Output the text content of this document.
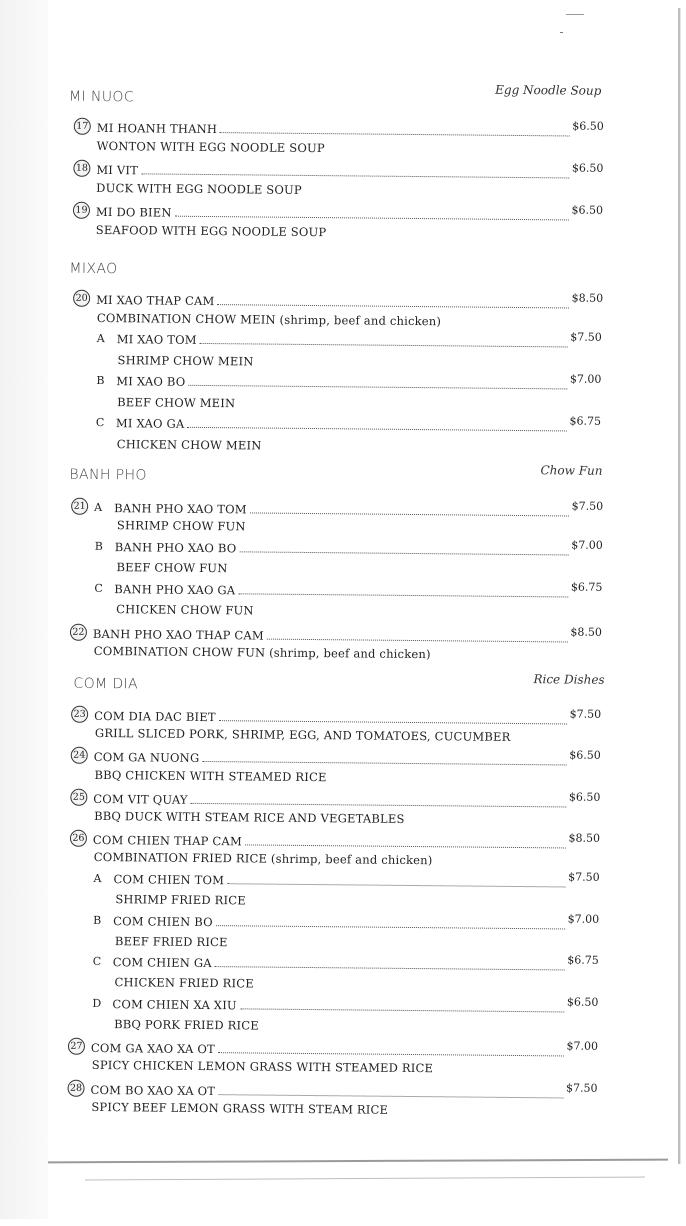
MI NUOC	Egg Noodle Soup
17 MI HOANH THANH	$6.50
WONTON WITH EGG NOODLE SOUP
18 MI VIT	$6.50
DUCK WITH EGG NOODLE SOUP
19 MI DO BIEN	$6.50
SEAFOOD WITH EGG NOODLE SOUP
MIXAO
20 MI XAO THAP CAM	$8.50
COMBINATION CHOW MEIN (shrimp, beef and chicken)
A	MI XAO TOM	$7.50
SHRIMP CHOW MEIN
B	MI XAO BO	$7.00
BEEF CHOW MEIN
C MI XAO GA	$6.75
CHICKEN CHOW MEIN
BANH PHO	Chow Fun
21 A	BANH PHO XAO TOM	$7.50
SHRIMP CHOW FUN
B	BANH PHO XAO BO	$7.00
BEEF CHOW FUN
C BANH PHO XAO GA	$6.75
CHICKEN CHOW FUN
22 BANH PHO XAO THAP CAM	$8.50
COMBINATION CHOW FUN (shrimp, beef and chicken)
COM DIA	Rice Dishes
23 COM DIA DAC BIET	$7.50
GRILL SLICED PORK, SHRIMP, EGG, AND TOMATOES, CUCUMBER
24 COM GA NUONG	$6.50
BBQ CHICKEN WITH STEAMED RICE
25 COM VIT QUAY	$6.50
BBQ DUCK WITH STEAM RICE AND VEGETABLES
26 COM CHIEN THAP CAM	$8.50
COMBINATION FRIED RICE (shrimp, beef and chicken)
A	COM CHIEN TOM	$7.50
SHRIMP FRIED RICE
B	COM CHIEN BO	$7.00
BEEF FRIED RICE
C COM CHIEN GA	$6.75
CHICKEN FRIED RICE
D COM CHIEN XA XIU	$6.50
BBQ PORK FRIED RICE
27 COM GA XAO XA OT	$7.00
SPICY CHICKEN LEMON GRASS WITH STEAMED RICE
28 COM BO XAO XA OT	$7.50
SPICY BEEF LEMON GRASS WITH STEAM RICE
